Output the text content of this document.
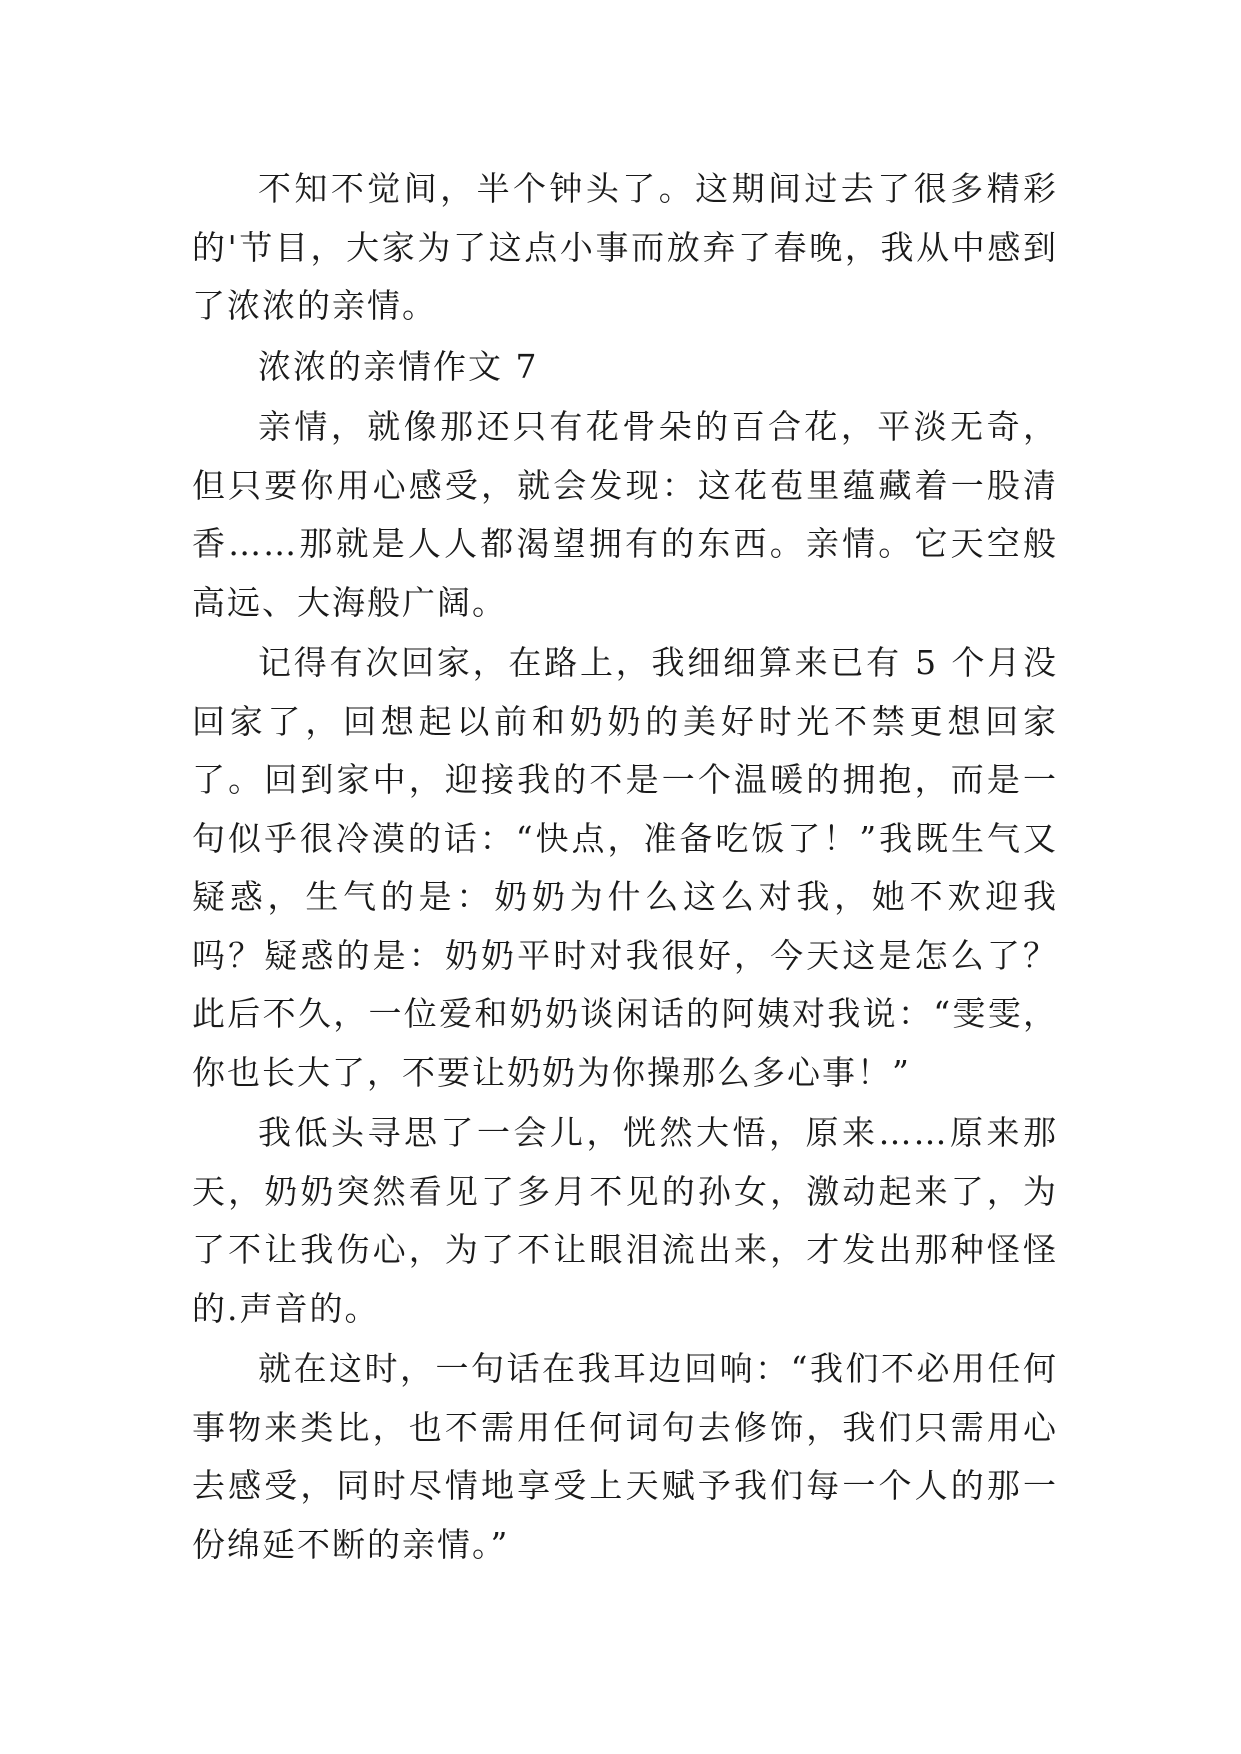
不知不觉间，半个钟头了。这期间过去了很多精彩的'节目，大家为了这点小事而放弃了春晚，我从中感到了浓浓的亲情。

浓浓的亲情作文 7

亲情，就像那还只有花骨朵的百合花，平淡无奇，但只要你用心感受，就会发现：这花苞里蕴藏着一股清香……那就是人人都渴望拥有的东西。亲情。它天空般高远、大海般广阔。

记得有次回家，在路上，我细细算来已有 5 个月没回家了，回想起以前和奶奶的美好时光不禁更想回家了。回到家中，迎接我的不是一个温暖的拥抱，而是一句似乎很冷漠的话：“快点，准备吃饭了！”我既生气又疑惑，生气的是：奶奶为什么这么对我，她不欢迎我吗？疑惑的是：奶奶平时对我很好，今天这是怎么了？此后不久，一位爱和奶奶谈闲话的阿姨对我说：“雯雯，你也长大了，不要让奶奶为你操那么多心事！”

我低头寻思了一会儿，恍然大悟，原来……原来那天，奶奶突然看见了多月不见的孙女，激动起来了，为了不让我伤心，为了不让眼泪流出来，才发出那种怪怪的.声音的。

就在这时，一句话在我耳边回响：“我们不必用任何事物来类比，也不需用任何词句去修饰，我们只需用心去感受，同时尽情地享受上天赋予我们每一个人的那一份绵延不断的亲情。”
